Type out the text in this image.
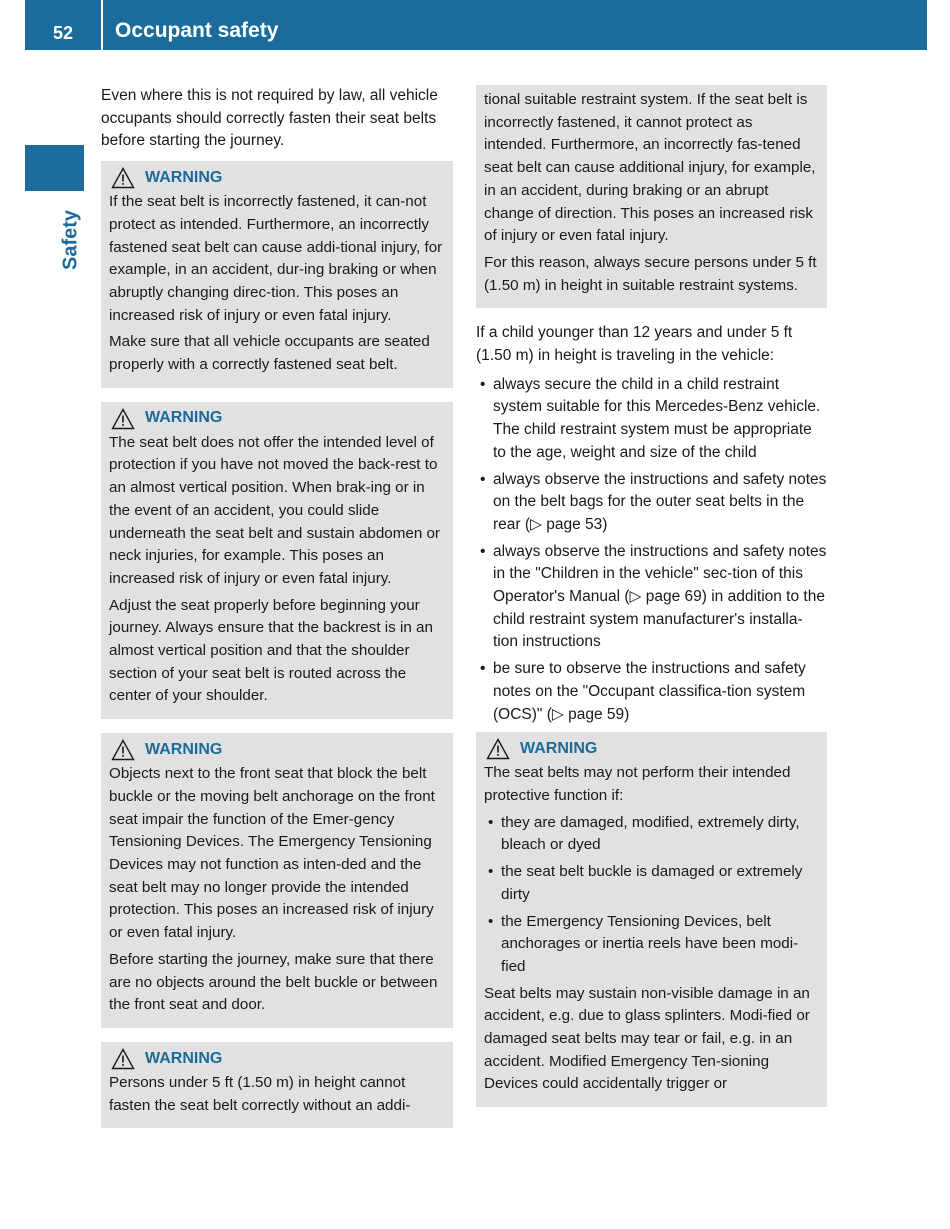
52	Occupant safety
Safety

Even where this is not required by law, all vehicle occupants should correctly fasten their seat belts before starting the journey.

WARNING

If the seat belt is incorrectly fastened, it can-not protect as intended. Furthermore, an incorrectly fastened seat belt can cause addi-tional injury, for example, in an accident, dur-ing braking or when abruptly changing direc-tion. This poses an increased risk of injury or even fatal injury.

Make sure that all vehicle occupants are seated properly with a correctly fastened seat belt.

WARNING

The seat belt does not offer the intended level of protection if you have not moved the back-rest to an almost vertical position. When brak-ing or in the event of an accident, you could slide underneath the seat belt and sustain abdomen or neck injuries, for example. This poses an increased risk of injury or even fatal injury.

Adjust the seat properly before beginning your journey. Always ensure that the backrest is in an almost vertical position and that the shoulder section of your seat belt is routed across the center of your shoulder.

WARNING

Objects next to the front seat that block the belt buckle or the moving belt anchorage on the front seat impair the function of the Emer-gency Tensioning Devices. The Emergency Tensioning Devices may not function as inten-ded and the seat belt may no longer provide the intended protection. This poses an increased risk of injury or even fatal injury.

Before starting the journey, make sure that there are no objects around the belt buckle or between the front seat and door.

WARNING

Persons under 5 ft (1.50 m) in height cannot fasten the seat belt correctly without an addi-

tional suitable restraint system. If the seat belt is incorrectly fastened, it cannot protect as intended. Furthermore, an incorrectly fas-tened seat belt can cause additional injury, for example, in an accident, during braking or an abrupt change of direction. This poses an increased risk of injury or even fatal injury.

For this reason, always secure persons under 5 ft (1.50 m) in height in suitable restraint systems.

If a child younger than 12 years and under 5 ft (1.50 m) in height is traveling in the vehicle:

• always secure the child in a child restraint system suitable for this Mercedes-Benz vehicle. The child restraint system must be appropriate to the age, weight and size of the child
• always observe the instructions and safety notes on the belt bags for the outer seat belts in the rear (▷ page 53)
• always observe the instructions and safety notes in the "Children in the vehicle" sec-tion of this Operator's Manual (▷ page 69) in addition to the child restraint system manufacturer's installa-tion instructions
• be sure to observe the instructions and safety notes on the "Occupant classifica-tion system (OCS)" (▷ page 59)
WARNING

The seat belts may not perform their intended protective function if:

• they are damaged, modified, extremely dirty, bleach or dyed
• the seat belt buckle is damaged or extremely dirty
• the Emergency Tensioning Devices, belt anchorages or inertia reels have been modi-fied

Seat belts may sustain non-visible damage in an accident, e.g. due to glass splinters. Modi-fied or damaged seat belts may tear or fail, e.g. in an accident. Modified Emergency Ten-sioning Devices could accidentally trigger or
